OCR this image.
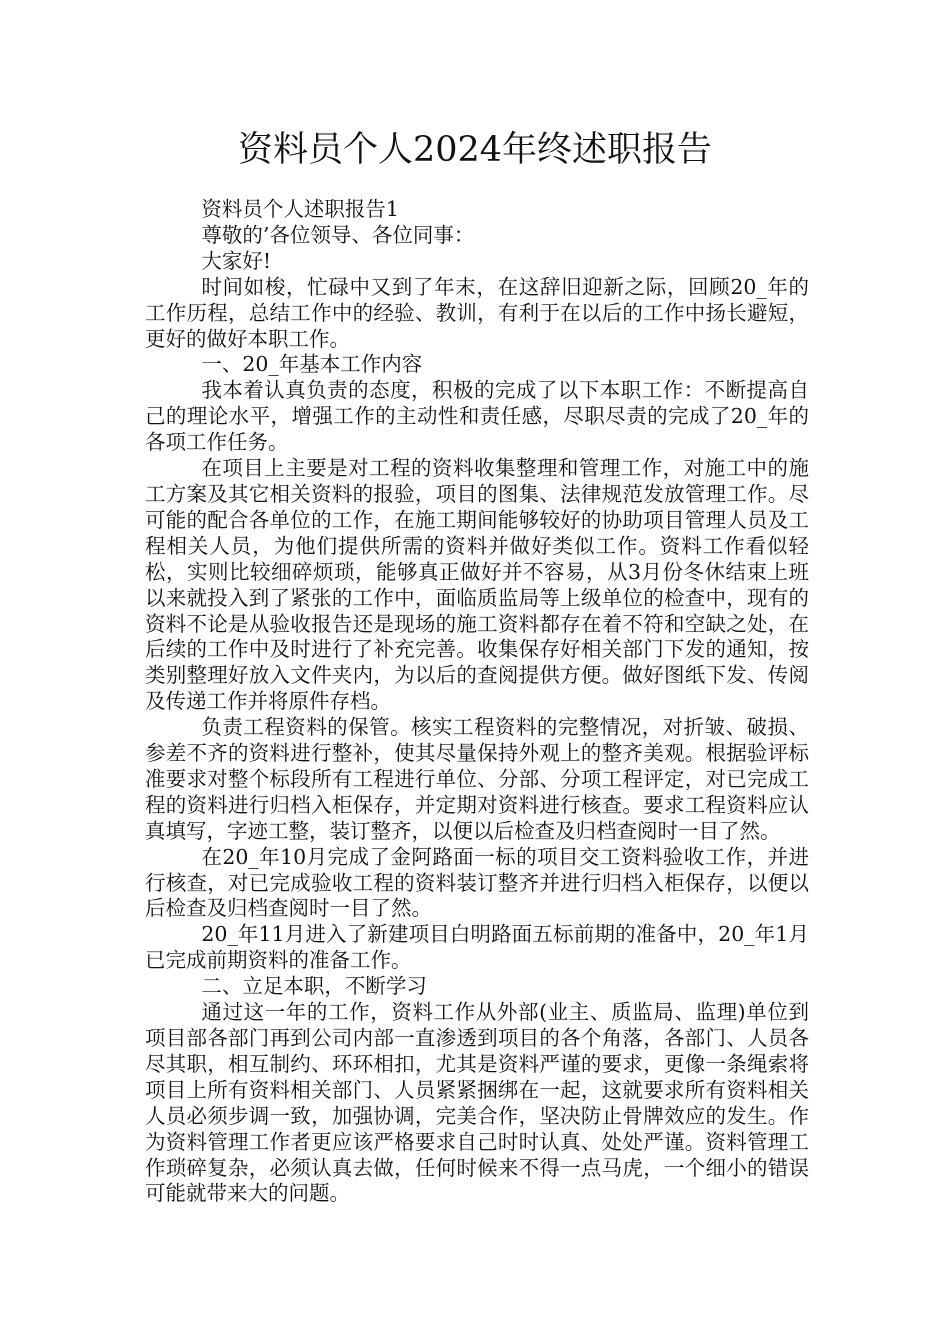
资料员个人2024年终述职报告

资料员个人述职报告1

尊敬的’各位领导、各位同事：

大家好!

时间如梭，忙碌中又到了年末，在这辞旧迎新之际，回顾20_年的工作历程，总结工作中的经验、教训，有利于在以后的工作中扬长避短，更好的做好本职工作。

一、20_年基本工作内容

我本着认真负责的态度，积极的完成了以下本职工作：不断提高自己的理论水平，增强工作的主动性和责任感，尽职尽责的完成了20_年的各项工作任务。

在项目上主要是对工程的资料收集整理和管理工作，对施工中的施工方案及其它相关资料的报验，项目的图集、法律规范发放管理工作。尽可能的配合各单位的工作，在施工期间能够较好的协助项目管理人员及工程相关人员，为他们提供所需的资料并做好类似工作。资料工作看似轻松，实则比较细碎烦琐，能够真正做好并不容易，从3月份冬休结束上班以来就投入到了紧张的工作中，面临质监局等上级单位的检查中，现有的资料不论是从验收报告还是现场的施工资料都存在着不符和空缺之处，在后续的工作中及时进行了补充完善。收集保存好相关部门下发的通知，按类别整理好放入文件夹内，为以后的查阅提供方便。做好图纸下发、传阅及传递工作并将原件存档。

负责工程资料的保管。核实工程资料的完整情况，对折皱、破损、参差不齐的资料进行整补，使其尽量保持外观上的整齐美观。根据验评标准要求对整个标段所有工程进行单位、分部、分项工程评定，对已完成工程的资料进行归档入柜保存，并定期对资料进行核查。要求工程资料应认真填写，字迹工整，装订整齐，以便以后检查及归档查阅时一目了然。

在20_年10月完成了金阿路面一标的项目交工资料验收工作，并进行核查，对已完成验收工程的资料装订整齐并进行归档入柜保存，以便以后检查及归档查阅时一目了然。

20_年11月进入了新建项目白明路面五标前期的准备中，20_年1月已完成前期资料的准备工作。

二、立足本职，不断学习

通过这一年的工作，资料工作从外部(业主、质监局、监理)单位到项目部各部门再到公司内部一直渗透到项目的各个角落，各部门、人员各尽其职，相互制约、环环相扣，尤其是资料严谨的要求，更像一条绳索将项目上所有资料相关部门、人员紧紧捆绑在一起，这就要求所有资料相关人员必须步调一致，加强协调，完美合作，坚决防止骨牌效应的发生。作为资料管理工作者更应该严格要求自己时时认真、处处严谨。资料管理工作琐碎复杂，必须认真去做，任何时候来不得一点马虎，一个细小的错误可能就带来大的问题。
